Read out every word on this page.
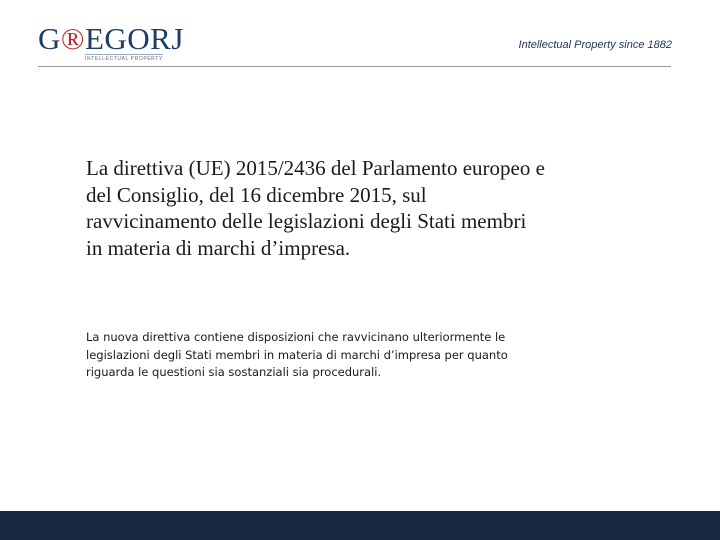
G®EGORJ
INTELLECTUAL PROPERTY
Intellectual Property since 1882
La direttiva (UE) 2015/2436 del Parlamento europeo e del Consiglio, del 16 dicembre 2015, sul ravvicinamento delle legislazioni degli Stati membri in materia di marchi d’impresa.

La nuova direttiva contiene disposizioni che ravvicinano ulteriormente le legislazioni degli Stati membri in materia di marchi d’impresa per quanto riguarda le questioni sia sostanziali sia procedurali.
